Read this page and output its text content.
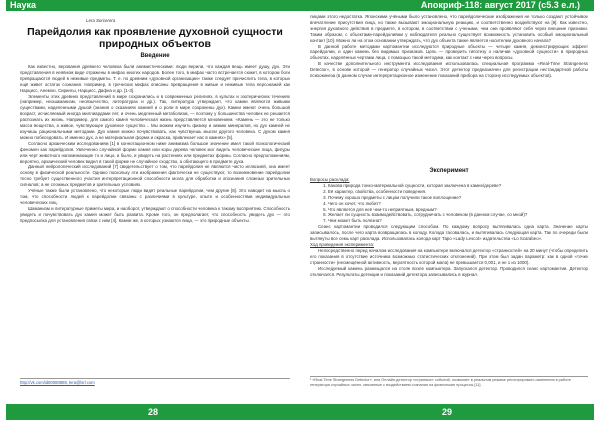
Наука
Lera Sorcerera
Парейдолия как проявление духовной сущности природных объектов
Введение

Как известно, верования древнего человека были анимистическими: люди верили, что каждая вещь имеет душу, дух. Эти представления в неявном виде отражены в мифах многих народов. Более того, в мифах часто встречается сюжет, в котором боги превращаются людей в неживые предметы. Т. е. по древним «духовной организации» также следует причислить тела, в которых ещё живет остаток сознания. Например, в греческих мифах описаны превращения в живые и неживые тела персонажей как Нарцисс, Анемон, Сирингы, Нарцисс, Дафна и др. [1-3].

Элементы этих древних представлений в мире сохранились и в современных религиях, в культах и эзотерических течениях (например, неошаманизм, неоязычество, литературах и др.). Так, литература утверждает, что камни являются живыми существами, наделенными душой (знания о сказаниях камней и о роли в мире сохранены дух). Камни имеют очень большой возраст, исчисляемый иногда миллиардами лет, и очень медленный метаболизм, — поэтому у большинства человек не решается распознать их жизнь. Например, для самого камня человеческая жизнь представляется мгновением. «Камень — это не только масса вещества, а живое, чувствующее духовное существо… Мы можем изучить физику и химию минералов, но дух камней не изучишь рациональными методами. Дух камня можно почувствовать, как чувствуешь мысли другого человека. С духом камня можно побеседовать. И именно дух, а не материальная форма и окраска, привлекает нас в камнях» [5].

Согласно архаическим исследованиям [1] в коннотационном ниже анимизма большое значение имел такой психологический феномен как парейдолия. Увлеченно случайной форме камня или коры дерева человек мог видеть человеческие лица, фигуры или черт животного напоминающие то и лицо, и было, и увидеть на растениях или предметах формы. Согласно предположениям, вероятно, архаический человек видел в такой форме не случайное сходство, а обитающего в предмете духа.

Данный нейрологический исследований [7] свидетельствует о том, что парейдолия не являются чисто иллюзией, она имеет основу в физической реальности. Однако поскольку эти изображения фактически не существуют, то возникновение парейдолии тесно требует существенного участия интерпретационной способности мозга для обработки и опознания сложных зрительных сигналов; а не сложных предметов и зрительных условиях.

Учёные также были установлено, что некоторые люди видят реальные парейдолии, чем другие [8]. Это наводит на мысль о том, что способности людей к парейдолии связаны с различиями в культуре, опыте и особенностями индивидуальных человеческих лиц.

Шаманизм и литературные приметы мира, и наоборот, утверждают о способности человека к такому восприятию. Способность увидеть и почувствовать дух камня может быть развита. Кроме того, он предполагает, что способность увидеть дух — это предпосылка для установления связи с ним [4]. Камни же, в которых узнаются лица, — это природные объекты.

http://vk.com/id80080888, lera@lsrl.com
28
Апокриф-118: август 2017 (с5.3 е.л.)

лицами этого недостатка. Японскими учёными было установлено, что парейдолические изображения не только создают устойчивое впечатление присутствия лица, но также вызывают эмоциональную реакцию, и соответственно воздействуют на [9]. Как известно, энергия духовного действия в предмете, в котором, в соответствии с учеными, чем они проявляют себя через внешние признаки. Таким образом, с объектами-парейдолиями у наблюдателя реально существует возможность установить особый эмоциональный контакт [10]. Можно ли на этом основании утверждать, что дух объекта также является носителем духовного начала?

В данной работе методами картомантии исследуются природные объекты — четыре камня, демонстрирующих эффект парейдолии, и один камень без видимых признаков. Цель — проверить гипотезу о наличии «духовной сущности» в природных объектах, наделённых чертами лица, с помощью такой методики, как контакт с ним через вопросы.

В качестве дополнительного инструмента исследования использовалась специальная программа «Real-Time Strangeness Detector», в основе которой — генератор случайных чисел. Этот детектор предназначен для регистрации нестандартной работы психокинеза (в данном случае интерпретационное изменение показаний прибора на сторону исследуемых объектов).

Эксперимент
Вопросы расклада:
1. Какова природа тонко-материальной сущности, которая заключена в камне/дереве?
2. Её характер, свойства, особенности поведения.
3. Почему хорошо предметы с лицом получили такое воплощение?
4. Чего он хочет, что любит?
5. Что является для неё чем-то неприятным, вредным?
6. Желает ли сущность взаимодействовать, сотрудничать с человеком (в данном случае, со мной)?
7. Чем может быть полезна?

Сеанс картомантии проводился следующим способом. По каждому вопросу вытягивалась одна карта. Значение карты записывалось, после чего карта возвращалась в колоду. Колода тасовалась, и вытягивалась следующая карта. Так по очереди были вытянуты все семь карт расклада. Использовалась колода карт Таро «Lady Lescot» издательства «Lo Scarabeo».

Ход проведения эксперимента:

Непосредственно перед началом исследования на компьютере включался детектор «странностей» на 20 минут (чтобы определить его показания в отсутствие источника возможных статистических отклонений). При этом был задан параметр: как в одной «точке странности» (несмещённой активность, вероятность которой мала) не превышается 0,001, и не 1 из 1000).

Исследуемый камень размещался на столе возле компьютера. Запускался детектор. Проводился сеанс картомантии. Детектор отключался. Результаты детекции и показаний детектора записывались в журнал.

¹ «Real-Time Strangeness Detector», или Онлайн-детектор «странных» событий, позволяет в реальном режиме регистрировать изменения в работе генератора случайных чисел, связанные с воздействием сознания на физические процессы [11].
29
